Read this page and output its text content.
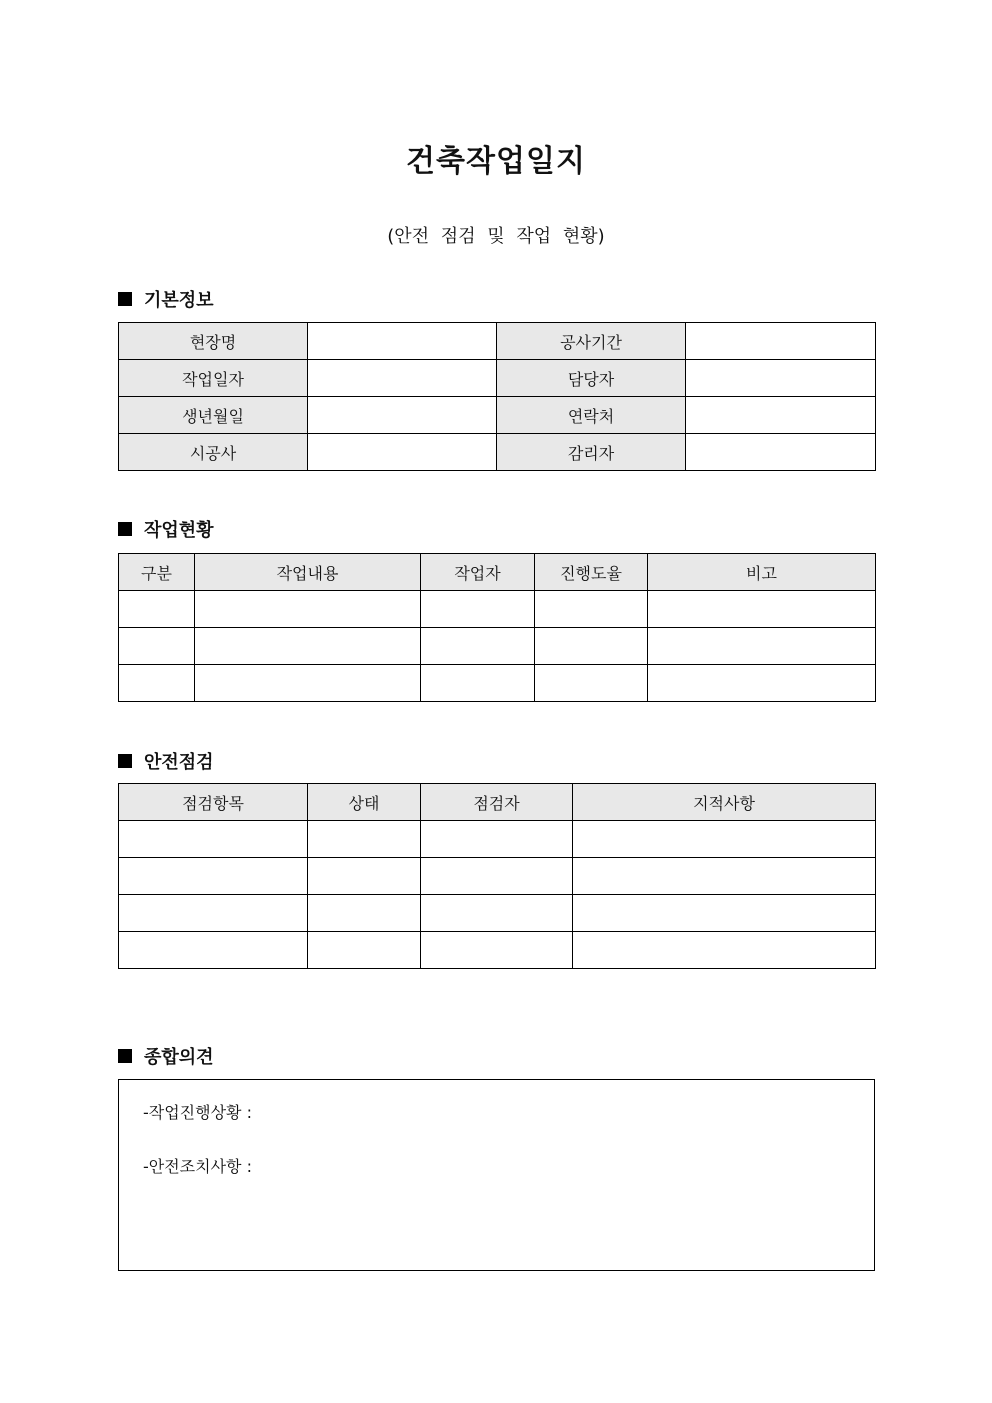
건축작업일지
(안전 점검 및 작업 현황)
기본정보
현장명		공사기간	
작업일자		담당자	
생년월일		연락처	
시공사		감리자	
작업현황
구분	작업내용	작업자	진행도율	비고

안전점검
점검항목	상태	점검자	지적사항

종합의견
-작업진행상황 :
-안전조치사항 :
